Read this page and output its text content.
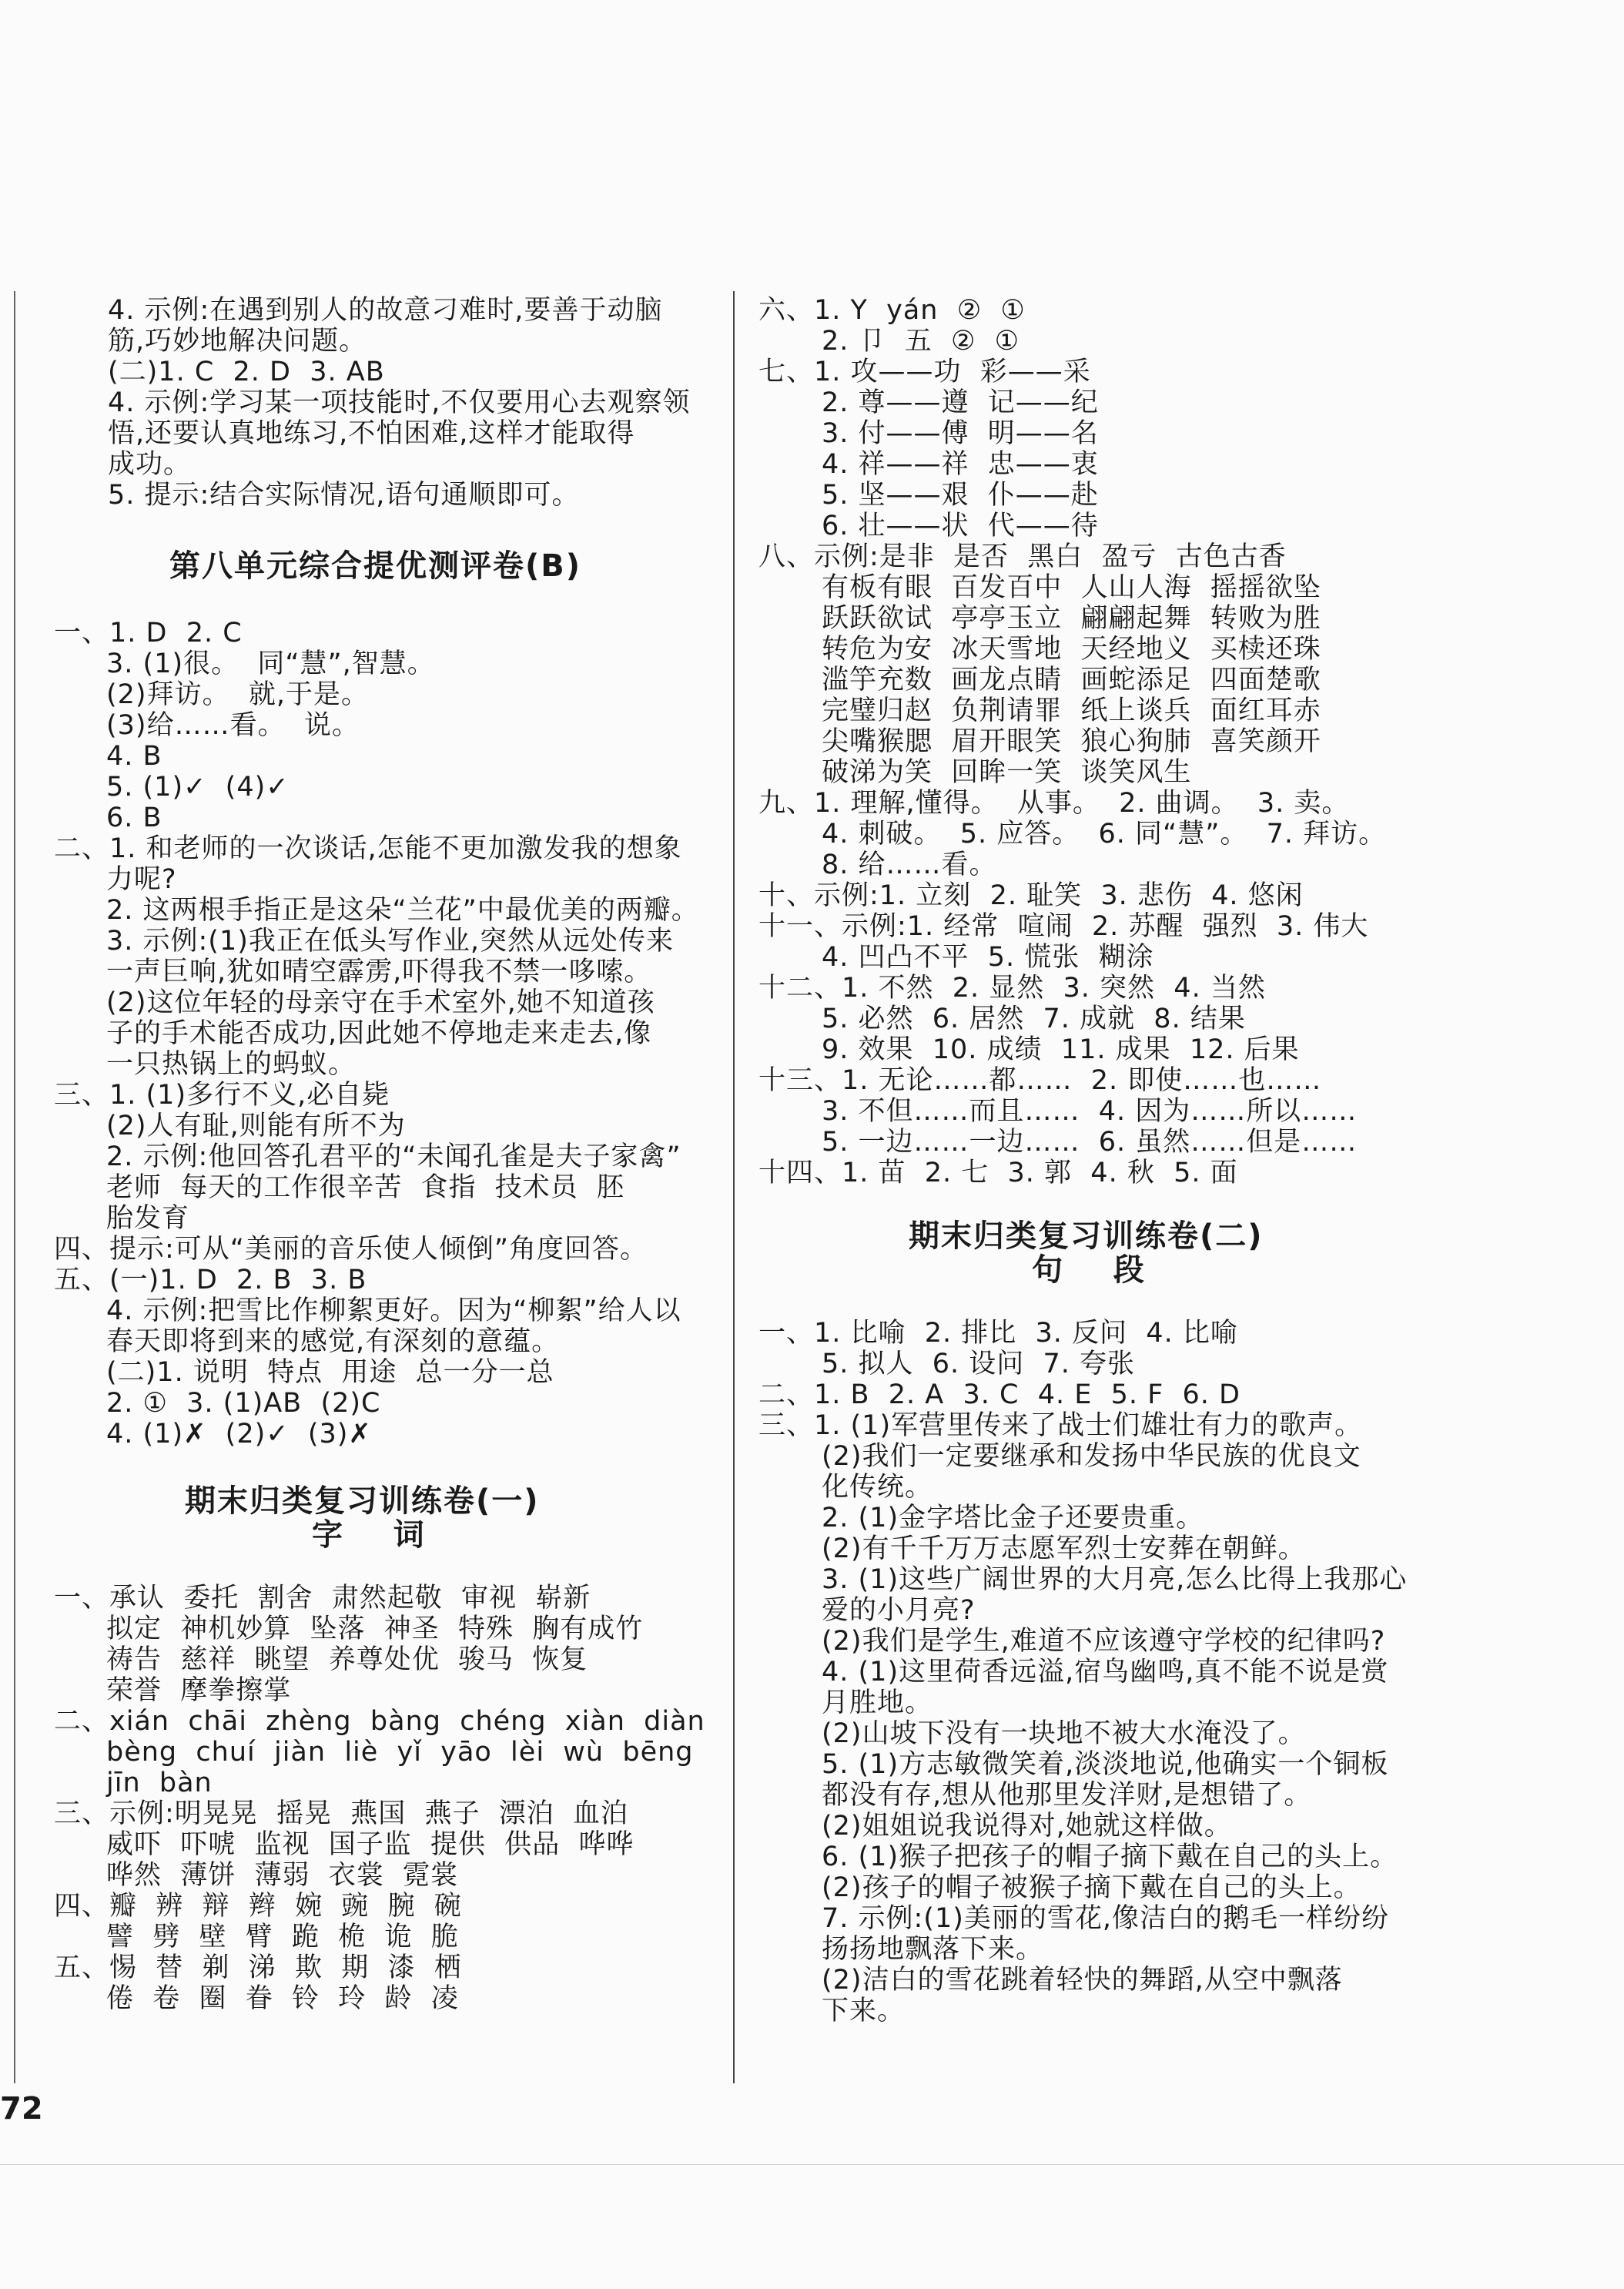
4. 示例:在遇到别人的故意刁难时,要善于动脑
筋,巧妙地解决问题。
(二)1. C  2. D  3. AB
4. 示例:学习某一项技能时,不仅要用心去观察领
悟,还要认真地练习,不怕困难,这样才能取得
成功。
5. 提示:结合实际情况,语句通顺即可。
第八单元综合提优测评卷(B)
一、1. D  2. C
3. (1)很。  同“慧”,智慧。
(2)拜访。  就,于是。
(3)给……看。  说。
4. B
5. (1)✓  (4)✓
6. B
二、1. 和老师的一次谈话,怎能不更加激发我的想象
力呢?
2. 这两根手指正是这朵“兰花”中最优美的两瓣。
3. 示例:(1)我正在低头写作业,突然从远处传来
一声巨响,犹如晴空霹雳,吓得我不禁一哆嗦。
(2)这位年轻的母亲守在手术室外,她不知道孩
子的手术能否成功,因此她不停地走来走去,像
一只热锅上的蚂蚁。
三、1. (1)多行不义,必自毙
(2)人有耻,则能有所不为
2. 示例:他回答孔君平的“未闻孔雀是夫子家禽”
老师  每天的工作很辛苦  食指  技术员  胚
胎发育
四、提示:可从“美丽的音乐使人倾倒”角度回答。
五、(一)1. D  2. B  3. B
4. 示例:把雪比作柳絮更好。因为“柳絮”给人以
春天即将到来的感觉,有深刻的意蕴。
(二)1. 说明  特点  用途  总一分一总
2. ①  3. (1)AB  (2)C
4. (1)✗  (2)✓  (3)✗
期末归类复习训练卷(一)
字    词
一、承认  委托  割舍  肃然起敬  审视  崭新
拟定  神机妙算  坠落  神圣  特殊  胸有成竹
祷告  慈祥  眺望  养尊处优  骏马  恢复
荣誉  摩拳擦掌
二、xián  chāi  zhèng  bàng  chéng  xiàn  diàn
bèng  chuí  jiàn  liè  yǐ  yāo  lèi  wù  bēng
jīn  bàn
三、示例:明晃晃  摇晃  燕国  燕子  漂泊  血泊
威吓  吓唬  监视  国子监  提供  供品  哗哗
哗然  薄饼  薄弱  衣裳  霓裳
四、瓣  辨  辩  辫  婉  豌  腕  碗
譬  劈  壁  臂  跪  桅  诡  脆
五、惕  替  剃  涕  欺  期  漆  栖
倦  卷  圈  眷  铃  玲  龄  凌
六、1. Y  yán  ②  ①
2. 卩  五  ②  ①
七、1. 攻——功  彩——采
2. 尊——遵  记——纪
3. 付——傅  明——名
4. 祥——祥  忠——衷
5. 坚——艰  仆——赴
6. 壮——状  代——待
八、示例:是非  是否  黑白  盈亏  古色古香
有板有眼  百发百中  人山人海  摇摇欲坠
跃跃欲试  亭亭玉立  翩翩起舞  转败为胜
转危为安  冰天雪地  天经地义  买椟还珠
滥竽充数  画龙点睛  画蛇添足  四面楚歌
完璧归赵  负荆请罪  纸上谈兵  面红耳赤
尖嘴猴腮  眉开眼笑  狼心狗肺  喜笑颜开
破涕为笑  回眸一笑  谈笑风生
九、1. 理解,懂得。  从事。  2. 曲调。  3. 卖。
4. 刺破。  5. 应答。  6. 同“慧”。  7. 拜访。
8. 给……看。
十、示例:1. 立刻  2. 耻笑  3. 悲伤  4. 悠闲
十一、示例:1. 经常  喧闹  2. 苏醒  强烈  3. 伟大
4. 凹凸不平  5. 慌张  糊涂
十二、1. 不然  2. 显然  3. 突然  4. 当然
5. 必然  6. 居然  7. 成就  8. 结果
9. 效果  10. 成绩  11. 成果  12. 后果
十三、1. 无论……都……  2. 即使……也……
3. 不但……而且……  4. 因为……所以……
5. 一边……一边……  6. 虽然……但是……
十四、1. 苗  2. 七  3. 郭  4. 秋  5. 面
期末归类复习训练卷(二)
句    段
一、1. 比喻  2. 排比  3. 反问  4. 比喻
5. 拟人  6. 设问  7. 夸张
二、1. B  2. A  3. C  4. E  5. F  6. D
三、1. (1)军营里传来了战士们雄壮有力的歌声。
(2)我们一定要继承和发扬中华民族的优良文
化传统。
2. (1)金字塔比金子还要贵重。
(2)有千千万万志愿军烈士安葬在朝鲜。
3. (1)这些广阔世界的大月亮,怎么比得上我那心
爱的小月亮?
(2)我们是学生,难道不应该遵守学校的纪律吗?
4. (1)这里荷香远溢,宿鸟幽鸣,真不能不说是赏
月胜地。
(2)山坡下没有一块地不被大水淹没了。
5. (1)方志敏微笑着,淡淡地说,他确实一个铜板
都没有存,想从他那里发洋财,是想错了。
(2)姐姐说我说得对,她就这样做。
6. (1)猴子把孩子的帽子摘下戴在自己的头上。
(2)孩子的帽子被猴子摘下戴在自己的头上。
7. 示例:(1)美丽的雪花,像洁白的鹅毛一样纷纷
扬扬地飘落下来。
(2)洁白的雪花跳着轻快的舞蹈,从空中飘落
下来。
72
